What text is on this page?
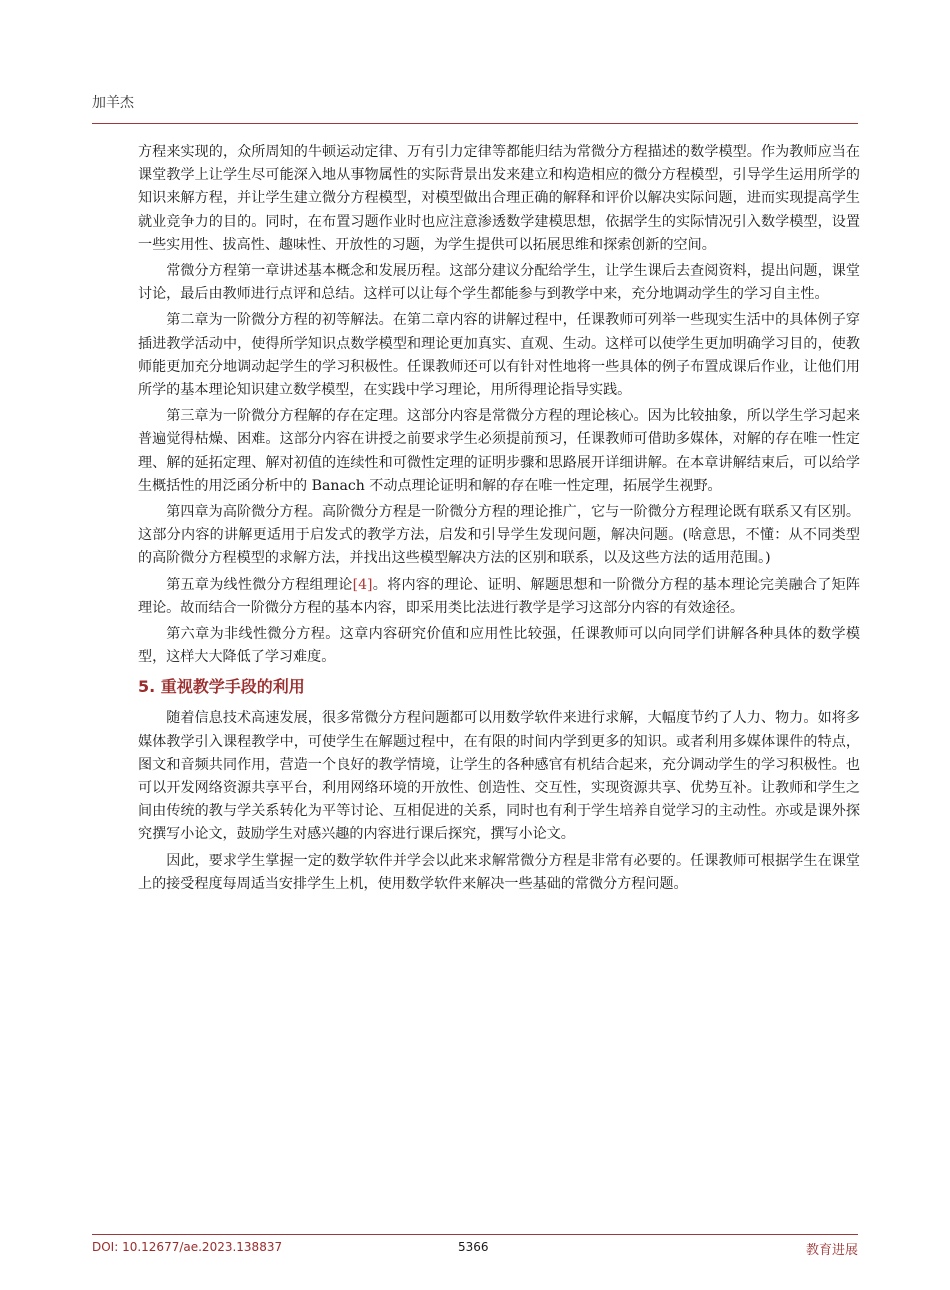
加羊杰

方程来实现的，众所周知的牛顿运动定律、万有引力定律等都能归结为常微分方程描述的数学模型。作为教师应当在课堂教学上让学生尽可能深入地从事物属性的实际背景出发来建立和构造相应的微分方程模型，引导学生运用所学的知识来解方程，并让学生建立微分方程模型，对模型做出合理正确的解释和评价以解决实际问题，进而实现提高学生就业竞争力的目的。同时，在布置习题作业时也应注意渗透数学建模思想，依据学生的实际情况引入数学模型，设置一些实用性、拔高性、趣味性、开放性的习题，为学生提供可以拓展思维和探索创新的空间。

常微分方程第一章讲述基本概念和发展历程。这部分建议分配给学生，让学生课后去查阅资料，提出问题，课堂讨论，最后由教师进行点评和总结。这样可以让每个学生都能参与到教学中来，充分地调动学生的学习自主性。

第二章为一阶微分方程的初等解法。在第二章内容的讲解过程中，任课教师可列举一些现实生活中的具体例子穿插进教学活动中，使得所学知识点数学模型和理论更加真实、直观、生动。这样可以使学生更加明确学习目的，使教师能更加充分地调动起学生的学习积极性。任课教师还可以有针对性地将一些具体的例子布置成课后作业，让他们用所学的基本理论知识建立数学模型，在实践中学习理论，用所得理论指导实践。

第三章为一阶微分方程解的存在定理。这部分内容是常微分方程的理论核心。因为比较抽象，所以学生学习起来普遍觉得枯燥、困难。这部分内容在讲授之前要求学生必须提前预习，任课教师可借助多媒体，对解的存在唯一性定理、解的延拓定理、解对初值的连续性和可微性定理的证明步骤和思路展开详细讲解。在本章讲解结束后，可以给学生概括性的用泛函分析中的 Banach 不动点理论证明和解的存在唯一性定理，拓展学生视野。

第四章为高阶微分方程。高阶微分方程是一阶微分方程的理论推广，它与一阶微分方程理论既有联系又有区别。这部分内容的讲解更适用于启发式的教学方法，启发和引导学生发现问题，解决问题。(啥意思，不懂：从不同类型的高阶微分方程模型的求解方法，并找出这些模型解决方法的区别和联系，以及这些方法的适用范围。)

第五章为线性微分方程组理论[4]。将内容的理论、证明、解题思想和一阶微分方程的基本理论完美融合了矩阵理论。故而结合一阶微分方程的基本内容，即采用类比法进行教学是学习这部分内容的有效途径。

第六章为非线性微分方程。这章内容研究价值和应用性比较强，任课教师可以向同学们讲解各种具体的数学模型，这样大大降低了学习难度。

5. 重视教学手段的利用

随着信息技术高速发展，很多常微分方程问题都可以用数学软件来进行求解，大幅度节约了人力、物力。如将多媒体教学引入课程教学中，可使学生在解题过程中，在有限的时间内学到更多的知识。或者利用多媒体课件的特点，图文和音频共同作用，营造一个良好的教学情境，让学生的各种感官有机结合起来，充分调动学生的学习积极性。也可以开发网络资源共享平台，利用网络环境的开放性、创造性、交互性，实现资源共享、优势互补。让教师和学生之间由传统的教与学关系转化为平等讨论、互相促进的关系，同时也有利于学生培养自觉学习的主动性。亦或是课外探究撰写小论文，鼓励学生对感兴趣的内容进行课后探究，撰写小论文。

因此，要求学生掌握一定的数学软件并学会以此来求解常微分方程是非常有必要的。任课教师可根据学生在课堂上的接受程度每周适当安排学生上机，使用数学软件来解决一些基础的常微分方程问题。

DOI: 10.12677/ae.2023.138837	5366	教育进展
